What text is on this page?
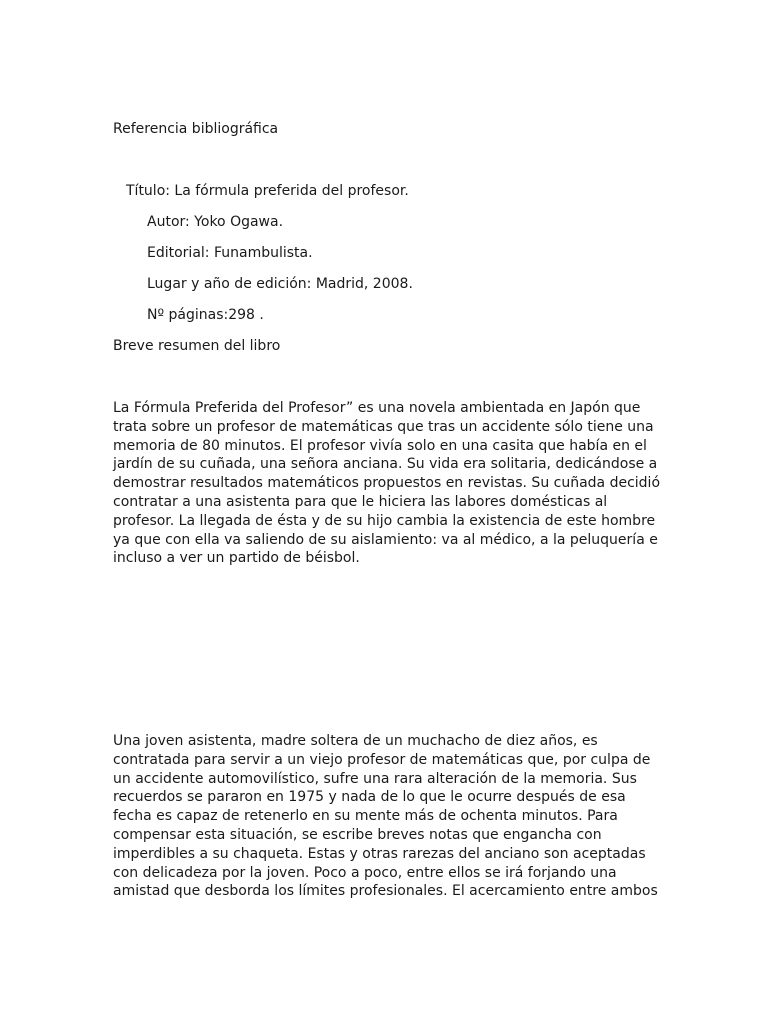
Referencia bibliográfica
Título: La fórmula preferida del profesor.
Autor: Yoko Ogawa.
Editorial: Funambulista.
Lugar y año de edición: Madrid, 2008.
Nº páginas:298 .
Breve resumen del libro
La Fórmula Preferida del Profesor” es una novela ambientada en Japón que
trata sobre un profesor de matemáticas que tras un accidente sólo tiene una
memoria de 80 minutos. El profesor vivía solo en una casita que había en el
jardín de su cuñada, una señora anciana. Su vida era solitaria, dedicándose a
demostrar resultados matemáticos propuestos en revistas. Su cuñada decidió
contratar a una asistenta para que le hiciera las labores domésticas al
profesor. La llegada de ésta y de su hijo cambia la existencia de este hombre
ya que con ella va saliendo de su aislamiento: va al médico, a la peluquería e
incluso a ver un partido de béisbol.
Una joven asistenta, madre soltera de un muchacho de diez años, es
contratada para servir a un viejo profesor de matemáticas que, por culpa de
un accidente automovilístico, sufre una rara alteración de la memoria. Sus
recuerdos se pararon en 1975 y nada de lo que le ocurre después de esa
fecha es capaz de retenerlo en su mente más de ochenta minutos. Para
compensar esta situación, se escribe breves notas que engancha con
imperdibles a su chaqueta. Estas y otras rarezas del anciano son aceptadas
con delicadeza por la joven. Poco a poco, entre ellos se irá forjando una
amistad que desborda los límites profesionales. El acercamiento entre ambos
